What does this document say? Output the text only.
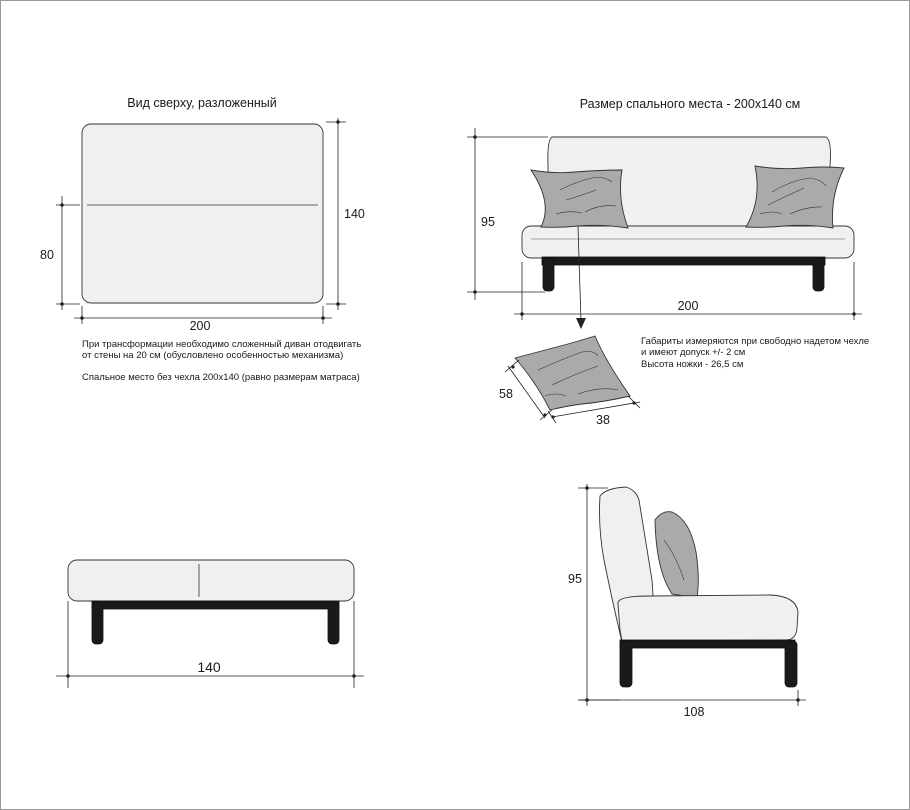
Вид сверху, разложенный
140
80
200
При трансформации необходимо сложенный диван отодвигать
от стены на 20 см (обусловлено особенностью механизма)
Спальное место без чехла 200x140 (равно размерам матраса)
Размер спального места - 200x140 см
95
200
Габариты измеряются при свободно надетом чехле
и имеют допуск +/- 2 см
Высота ножки - 26,5 см
58
38
140
95
108
